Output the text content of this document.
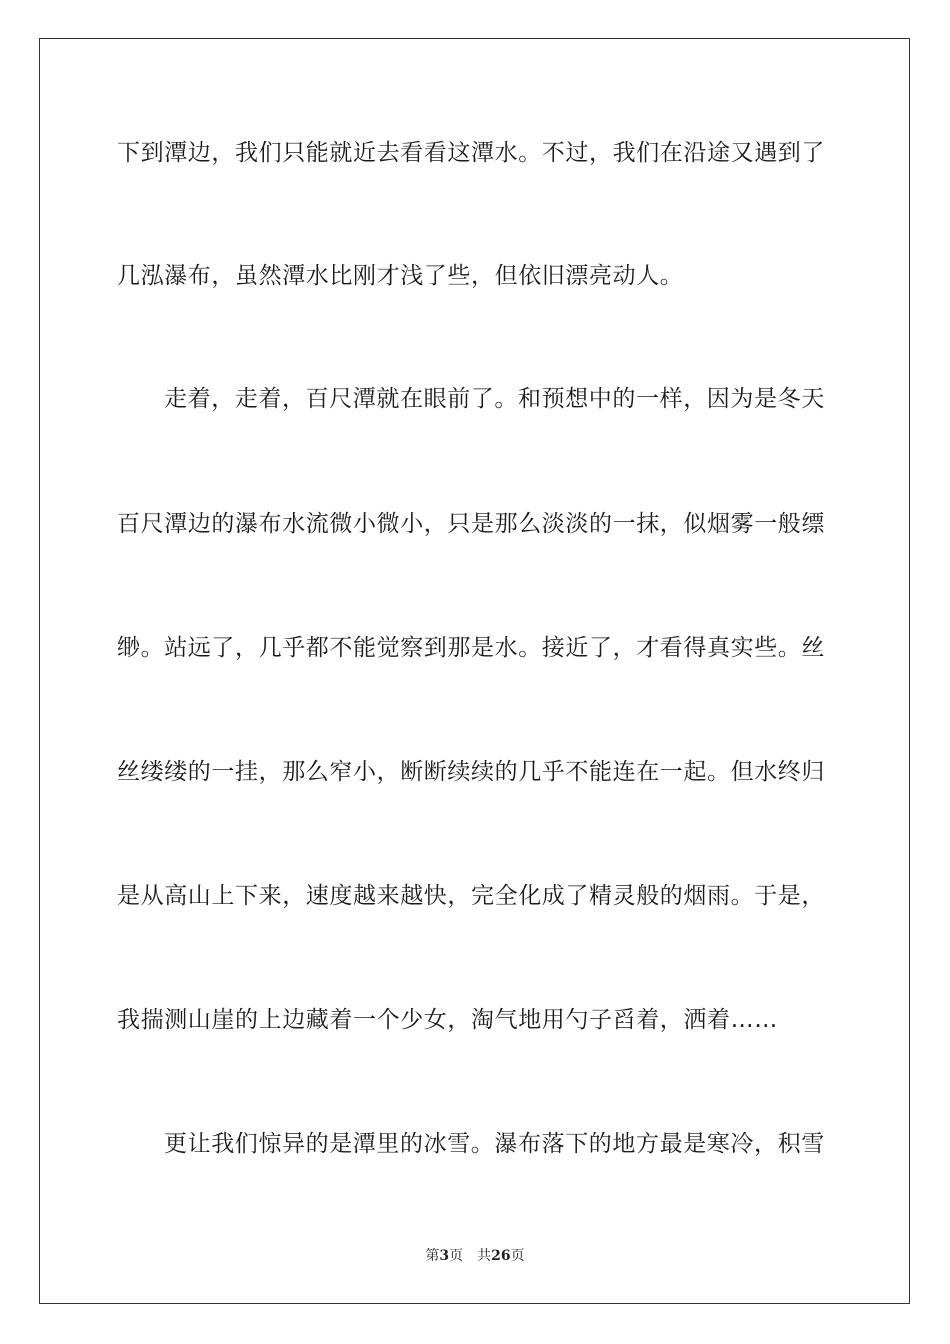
下到潭边，我们只能就近去看看这潭水。不过，我们在沿途又遇到了
几泓瀑布，虽然潭水比刚才浅了些，但依旧漂亮动人。
走着，走着，百尺潭就在眼前了。和预想中的一样，因为是冬天
百尺潭边的瀑布水流微小微小，只是那么淡淡的一抹，似烟雾一般缥
缈。站远了，几乎都不能觉察到那是水。接近了，才看得真实些。丝
丝缕缕的一挂，那么窄小，断断续续的几乎不能连在一起。但水终归
是从高山上下来，速度越来越快，完全化成了精灵般的烟雨。于是，
我揣测山崖的上边藏着一个少女，淘气地用勺子舀着，洒着……
更让我们惊异的是潭里的冰雪。瀑布落下的地方最是寒冷，积雪
第3页 共26页
